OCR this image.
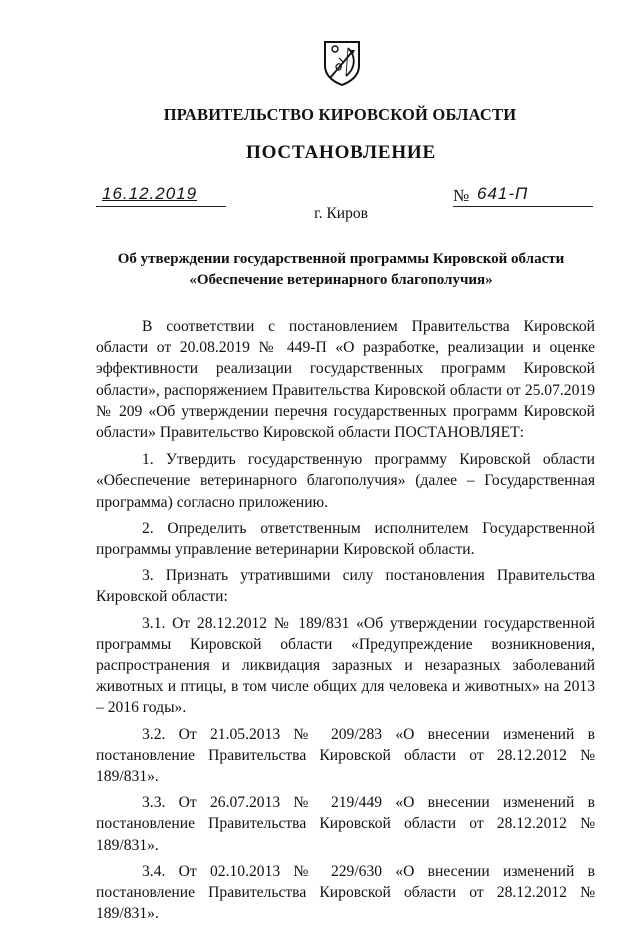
ПРАВИТЕЛЬСТВО КИРОВСКОЙ ОБЛАСТИ
ПОСТАНОВЛЕНИЕ
16.12.2019	№ 641-П
г. Киров
Об утверждении государственной программы Кировской области
«Обеспечение ветеринарного благополучия»

В соответствии с постановлением Правительства Кировской области от 20.08.2019 № 449-П «О разработке, реализации и оценке эффективности реализации государственных программ Кировской области», распоряжением Правительства Кировской области от 25.07.2019 № 209 «Об утверждении перечня государственных программ Кировской области» Правительство Кировской области ПОСТАНОВЛЯЕТ:

1. Утвердить государственную программу Кировской области «Обеспечение ветеринарного благополучия» (далее – Государственная программа) согласно приложению.

2. Определить ответственным исполнителем Государственной программы управление ветеринарии Кировской области.

3. Признать утратившими силу постановления Правительства Кировской области:

3.1. От 28.12.2012 № 189/831 «Об утверждении государственной программы Кировской области «Предупреждение возникновения, распространения и ликвидация заразных и незаразных заболеваний животных и птицы, в том числе общих для человека и животных» на 2013 – 2016 годы».

3.2. От 21.05.2013 № 209/283 «О внесении изменений в постановление Правительства Кировской области от 28.12.2012 № 189/831».

3.3. От 26.07.2013 № 219/449 «О внесении изменений в постановление Правительства Кировской области от 28.12.2012 № 189/831».

3.4. От 02.10.2013 № 229/630 «О внесении изменений в постановление Правительства Кировской области от 28.12.2012 № 189/831».
